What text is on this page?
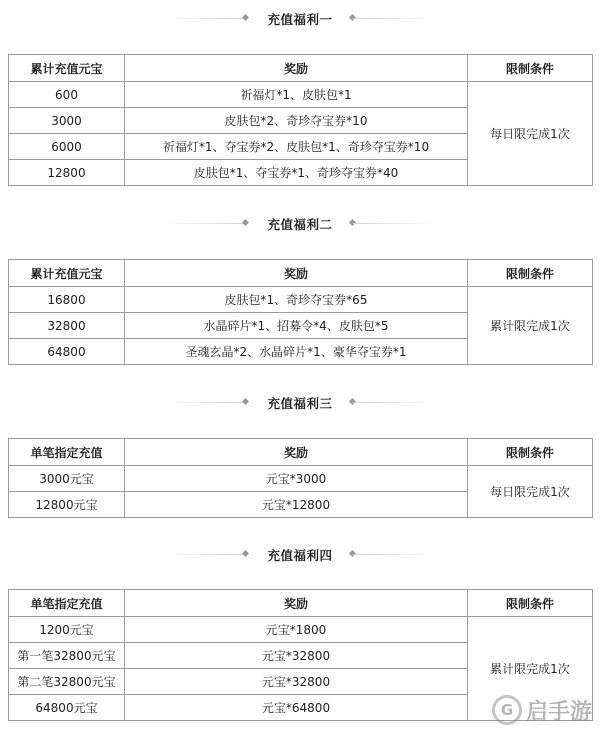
充值福利一
累计充值元宝	奖励	限制条件
600	祈福灯*1、皮肤包*1	每日限完成1次
3000	皮肤包*2、奇珍夺宝券*10	
6000	祈福灯*1、夺宝券*2、皮肤包*1、奇珍夺宝券*10	
12800	皮肤包*1、夺宝券*1、奇珍夺宝券*40	
充值福利二
累计充值元宝	奖励	限制条件
16800	皮肤包*1、奇珍夺宝券*65	累计限完成1次
32800	水晶碎片*1、招募令*4、皮肤包*5	
64800	圣魂玄晶*2、水晶碎片*1、豪华夺宝券*1	
充值福利三
单笔指定充值	奖励	限制条件
3000元宝	元宝*3000	每日限完成1次
12800元宝	元宝*12800	
充值福利四
单笔指定充值	奖励	限制条件
1200元宝	元宝*1800	累计限完成1次
第一笔32800元宝	元宝*32800	
第二笔32800元宝	元宝*32800	
64800元宝	元宝*64800		G 启手游
